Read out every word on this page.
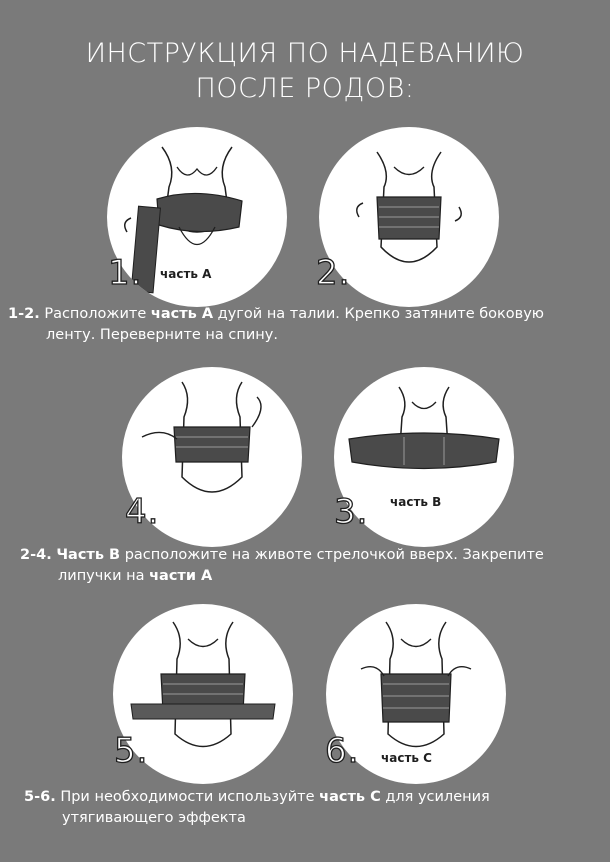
ИНСТРУКЦИЯ ПО НАДЕВАНИЮ
ПОСЛЕ РОДОВ:
1. часть А	2.
1-2. Расположите часть А дугой на талии. Крепко затяните боковую
ленту. Переверните на спину.
4.	3. часть В
2-4. Часть В расположите на животе стрелочкой вверх. Закрепите
липучки на части А
5.	6. часть С
5-6. При необходимости используйте часть С для усиления
утягивающего эффекта
